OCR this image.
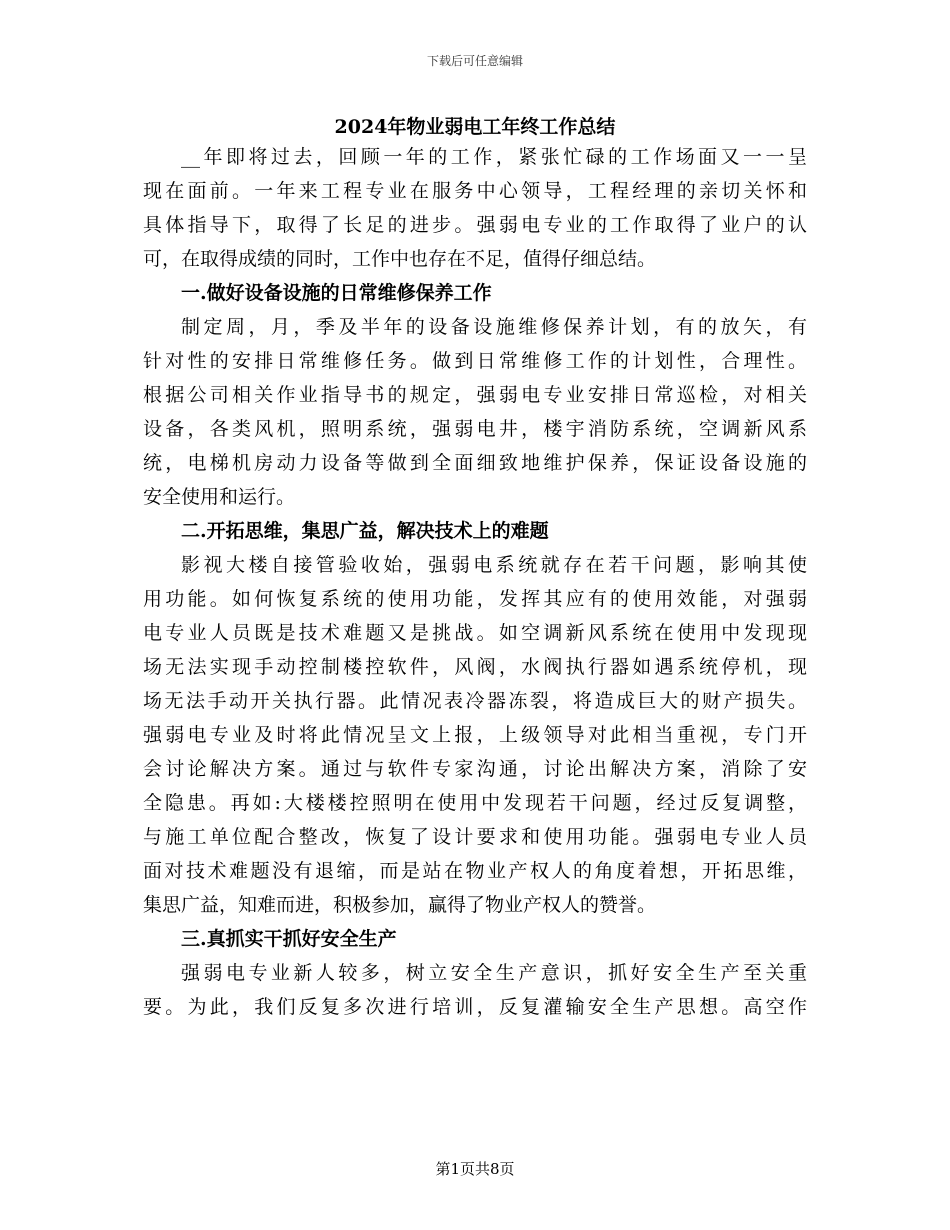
下载后可任意编辑
2024年物业弱电工年终工作总结
__年即将过去，回顾一年的工作，紧张忙碌的工作场面又一一呈
现在面前。一年来工程专业在服务中心领导，工程经理的亲切关怀和
具体指导下，取得了长足的进步。强弱电专业的工作取得了业户的认
可，在取得成绩的同时，工作中也存在不足，值得仔细总结。
一.做好设备设施的日常维修保养工作
制定周，月，季及半年的设备设施维修保养计划，有的放矢，有
针对性的安排日常维修任务。做到日常维修工作的计划性，合理性。
根据公司相关作业指导书的规定，强弱电专业安排日常巡检，对相关
设备，各类风机，照明系统，强弱电井，楼宇消防系统，空调新风系
统，电梯机房动力设备等做到全面细致地维护保养，保证设备设施的
安全使用和运行。
二.开拓思维，集思广益，解决技术上的难题
影视大楼自接管验收始，强弱电系统就存在若干问题，影响其使
用功能。如何恢复系统的使用功能，发挥其应有的使用效能，对强弱
电专业人员既是技术难题又是挑战。如空调新风系统在使用中发现现
场无法实现手动控制楼控软件，风阀，水阀执行器如遇系统停机，现
场无法手动开关执行器。此情况表冷器冻裂，将造成巨大的财产损失。
强弱电专业及时将此情况呈文上报，上级领导对此相当重视，专门开
会讨论解决方案。通过与软件专家沟通，讨论出解决方案，消除了安
全隐患。再如:大楼楼控照明在使用中发现若干问题，经过反复调整，
与施工单位配合整改，恢复了设计要求和使用功能。强弱电专业人员
面对技术难题没有退缩，而是站在物业产权人的角度着想，开拓思维，
集思广益，知难而进，积极参加，赢得了物业产权人的赞誉。
三.真抓实干抓好安全生产
强弱电专业新人较多，树立安全生产意识，抓好安全生产至关重
要。为此，我们反复多次进行培训，反复灌输安全生产思想。高空作
第1页共8页
